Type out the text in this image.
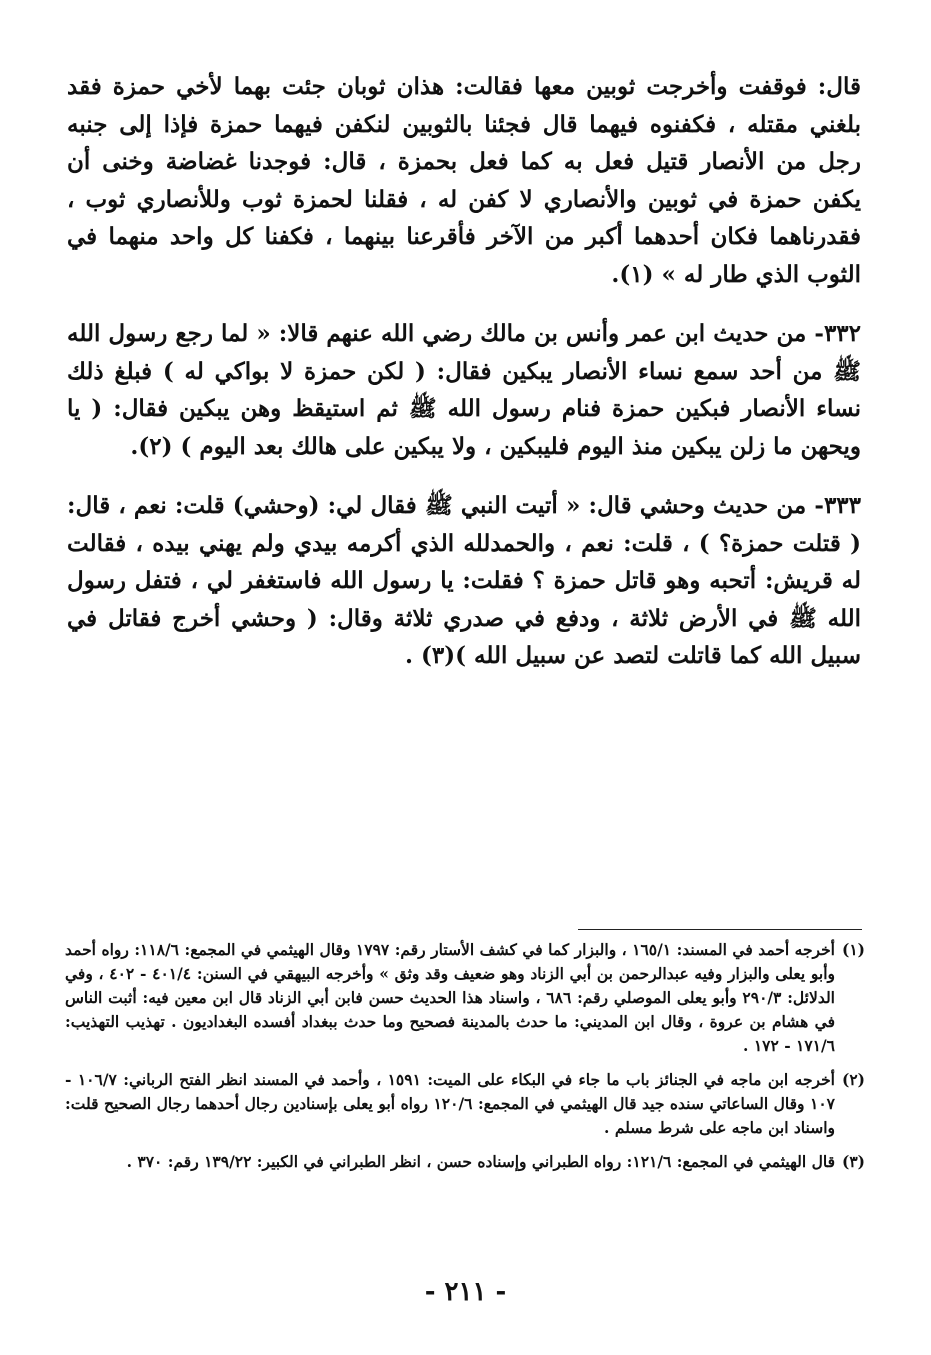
قال: فوقفت وأخرجت ثوبين معها فقالت: هذان ثوبان جئت بهما لأخي حمزة فقد بلغني مقتله ، فكفنوه فيهما قال فجئنا بالثوبين لنكفن فيهما حمزة فإذا إلى جنبه رجل من الأنصار قتيل فعل به كما فعل بحمزة ، قال: فوجدنا غضاضة وخنى أن يكفن حمزة في ثوبين والأنصاري لا كفن له ، فقلنا لحمزة ثوب وللأنصاري ثوب ، فقدرناهما فكان أحدهما أكبر من الآخر فأقرعنا بينهما ، فكفنا كل واحد منهما في الثوب الذي طار له » (١).

٣٣٢- من حديث ابن عمر وأنس بن مالك رضي الله عنهم قالا: « لما رجع رسول الله ﷺ من أحد سمع نساء الأنصار يبكين فقال: ( لكن حمزة لا بواكي له ) فبلغ ذلك نساء الأنصار فبكين حمزة فنام رسول الله ﷺ ثم استيقظ وهن يبكين فقال: ( يا ويحهن ما زلن يبكين منذ اليوم فليبكين ، ولا يبكين على هالك بعد اليوم ) (٢).

٣٣٣- من حديث وحشي قال: « أتيت النبي ﷺ فقال لي: (وحشي) قلت: نعم ، قال: ( قتلت حمزة؟ ) ، قلت: نعم ، والحمدلله الذي أكرمه بيدي ولم يهني بيده ، فقالت له قريش: أتحبه وهو قاتل حمزة ؟ فقلت: يا رسول الله فاستغفر لي ، فتفل رسول الله ﷺ في الأرض ثلاثة ، ودفع في صدري ثلاثة وقال: ( وحشي أخرج فقاتل في سبيل الله كما قاتلت لتصد عن سبيل الله )(٣) .

(١)
أخرجه أحمد في المسند: ١٦٥/١ ، والبزار كما في كشف الأستار رقم: ١٧٩٧ وقال الهيثمي في المجمع: ١١٨/٦: رواه أحمد وأبو يعلى والبزار وفيه عبدالرحمن بن أبي الزناد وهو ضعيف وقد وثق » وأخرجه البيهقي في السنن: ٤٠١/٤ - ٤٠٢ ، وفي الدلائل: ٢٩٠/٣ وأبو يعلى الموصلي رقم: ٦٨٦ ، واسناد هذا الحديث حسن فابن أبي الزناد قال ابن معين فيه: أثبت الناس في هشام بن عروة ، وقال ابن المديني: ما حدث بالمدينة فصحيح وما حدث ببغداد أفسده البغداديون . تهذيب التهذيب: ١٧١/٦ - ١٧٢ .
(٢)
أخرجه ابن ماجه في الجنائز باب ما جاء في البكاء على الميت: ١٥٩١ ، وأحمد في المسند انظر الفتح الرباني: ١٠٦/٧ - ١٠٧ وقال الساعاتي سنده جيد قال الهيثمي في المجمع: ١٢٠/٦ رواه أبو يعلى بإسنادين رجال أحدهما رجال الصحيح قلت: واسناد ابن ماجه على شرط مسلم .
(٣)
قال الهيثمي في المجمع: ١٢١/٦: رواه الطبراني وإسناده حسن ، انظر الطبراني في الكبير: ١٣٩/٢٢ رقم: ٣٧٠ .
- ٢١١ -
